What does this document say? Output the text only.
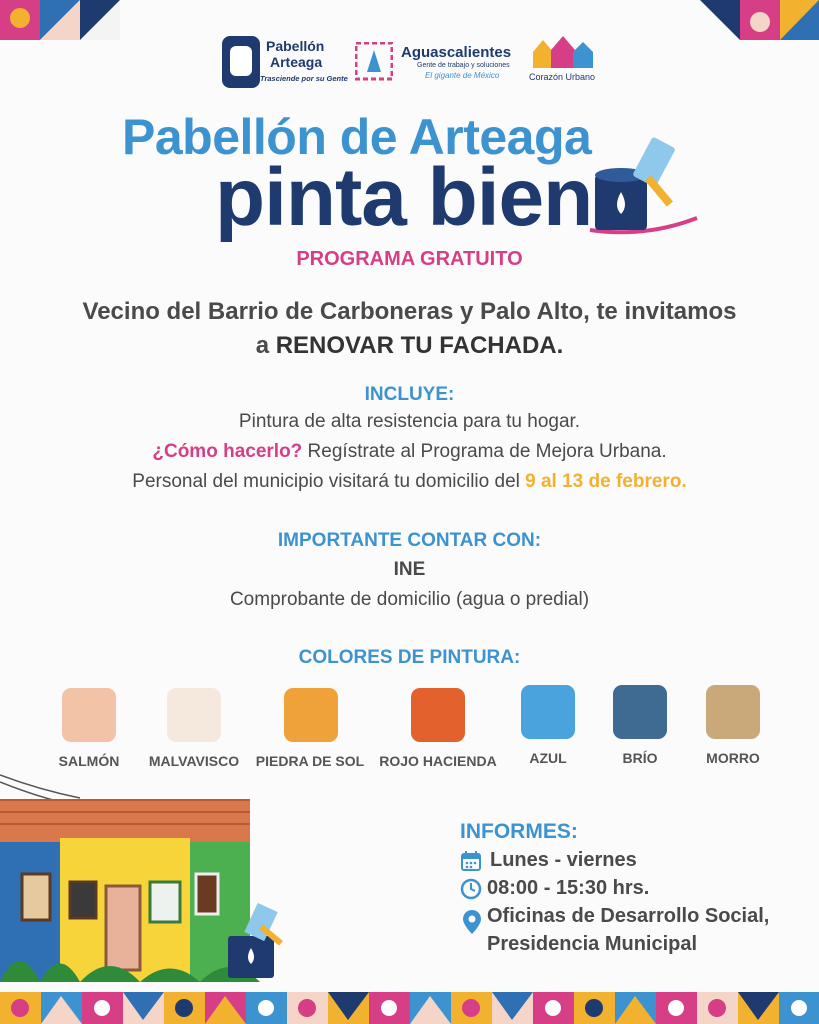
Pabellón
Arteaga
Trasciende por su Gente
Aguascalientes
Gente de trabajo y soluciones
El gigante de México	Corazón Urbano
Pabellón de Arteaga
pinta bien
PROGRAMA GRATUITO
Vecino del Barrio de Carboneras y Palo Alto, te invitamos
a RENOVAR TU FACHADA.
INCLUYE:
Pintura de alta resistencia para tu hogar.
¿Cómo hacerlo? Regístrate al Programa de Mejora Urbana.
Personal del municipio visitará tu domicilio del 9 al 13 de febrero.
IMPORTANTE CONTAR CON:
INE
Comprobante de domicilio (agua o predial)
COLORES DE PINTURA:
SALMÓN	MALVAVISCO	PIEDRA DE SOL	ROJO HACIENDA	AZUL	BRÍO	MORRO
INFORMES:
Lunes - viernes
08:00 - 15:30 hrs.
Oficinas de Desarrollo Social,
Presidencia Municipal
